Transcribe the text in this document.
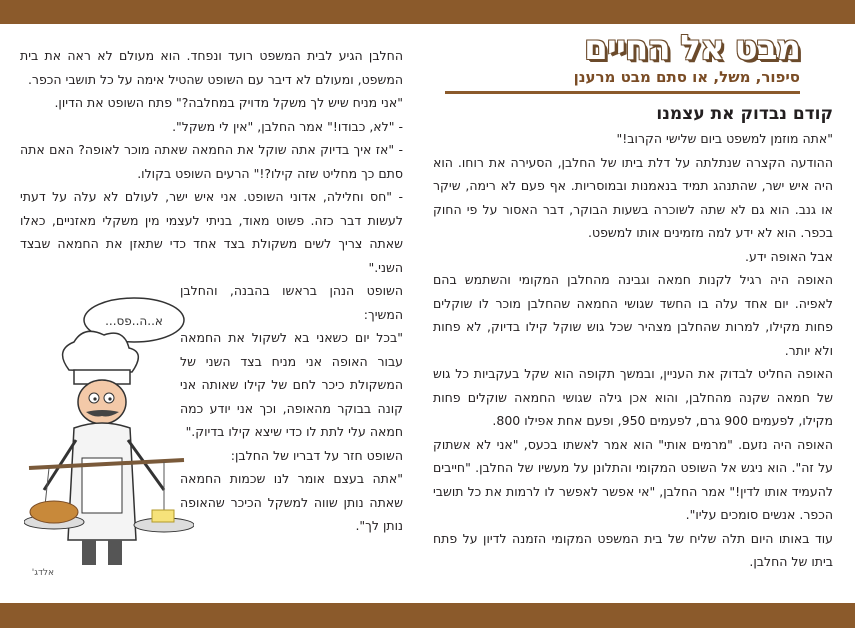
מבט אל החיים
סיפור, משל, או סתם מבט מרענן
קודם נבדוק את עצמנו

"אתה מוזמן למשפט ביום שלישי הקרוב!"

ההודעה הקצרה שנתלתה על דלת ביתו של החלבן, הסעירה את רוחו. הוא היה איש ישר, שהתנהג תמיד בנאמנות ובמוסריות. אף פעם לא רימה, שיקר או גנב. הוא גם לא שתה לשוכרה בשעות הבוקר, דבר האסור על פי החוק בכפר. הוא לא ידע למה מזמינים אותו למשפט.

אבל האופה ידע.

האופה היה רגיל לקנות חמאה וגבינה מהחלבן המקומי והשתמש בהם לאפיה. יום אחד עלה בו החשד שגושי החמאה שהחלבן מוכר לו שוקלים פחות מקילו, למרות שהחלבן מצהיר שכל גוש שוקל קילו בדיוק, לא פחות ולא יותר.

האופה החליט לבדוק את העניין, ובמשך תקופה הוא שקל בעקביות כל גוש של חמאה שקנה מהחלבן, והוא אכן גילה שגושי החמאה שוקלים פחות מקילו, לפעמים 900 גרם, לפעמים 950, ופעם אחת אפילו 800.

האופה היה נזעם. "מרמים אותי" הוא אמר לאשתו בכעס, "אני לא אשתוק על זה". הוא ניגש אל השופט המקומי והתלונן על מעשיו של החלבן. "חייבים להעמיד אותו לדין!" אמר החלבן, "אי אפשר לאפשר לו לרמות את כל תושבי הכפר. אנשים סומכים עליו".

עוד באותו היום תלה שליח של בית המשפט המקומי הזמנה לדיון על פתח ביתו של החלבן.

החלבן הגיע לבית המשפט רועד ונפחד. הוא מעולם לא ראה את בית המשפט, ומעולם לא דיבר עם השופט שהטיל אימה על כל תושבי הכפר.

"אני מניח שיש לך משקל מדויק במחלבה?" פתח השופט את הדיון.

- "לא, כבודו!" אמר החלבן, "אין לי משקל".

- "אז איך בדיוק אתה שוקל את החמאה שאתה מוכר לאופה? האם אתה סתם כך מחליט שזה קילו?!" הרעים השופט בקולו.

- "חס וחלילה, אדוני השופט. אני איש ישר, לעולם לא עלה על דעתי לעשות דבר כזה. פשוט מאוד, בניתי לעצמי מין משקלי מאזניים, כאלו שאתה צריך לשים משקולת בצד אחד כדי שתאזן את החמאה שבצד השני."

השופט הנהן בראשו בהבנה, והחלבן המשיך:

"בכל יום כשאני בא לשקול את החמאה עבור האופה אני מניח בצד השני של המשקולת כיכר לחם של קילו שאותה אני קונה בבוקר מהאופה, וכך אני יודע כמה חמאה עלי לתת לו כדי שיצא קילו בדיוק."

השופט חזר על דבריו של החלבן:

"אתה בעצם אומר לנו שכמות החמאה שאתה נותן שווה למשקל הכיכר שהאופה נותן לך".

א..ה..פס...
אלדג'
